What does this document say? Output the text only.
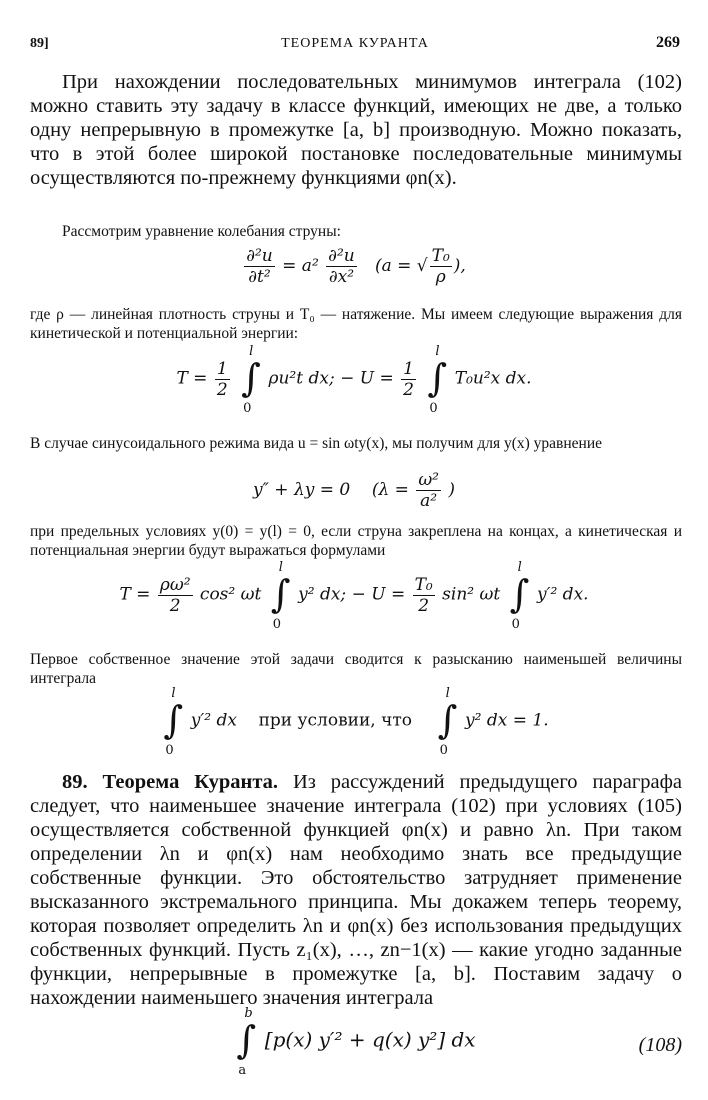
89]	ТЕОРЕМА КУРАНТА	269
При нахождении последовательных минимумов интеграла (102) можно ставить эту задачу в классе функций, имеющих не две, а только одну непрерывную в промежутке [a, b] производную. Можно показать, что в этой более широкой постановке последовательные минимумы осуществляются по-прежнему функциями φn(x).
Рассмотрим уравнение колебания струны:
$\frac{\text{∂²u}}{\text{∂t²}} = a^2 \frac{\text{∂²u}}{\text{∂x²}} (a$ = √ $\frac{\text{T₀}}{\rho}$ ),
где ρ — линейная плотность струны и T₀ — натяжение. Мы имеем следующие выражения для кинетической и потенциальной энергии:
$T = \frac{1}{2}$

l
∫
0
ρu²t dx; − $U = \frac{1}{2}$

l
∫
0
T₀u²x dx.
В случае синусоидального режима вида u = sin ωty(x), мы получим для y(x) уравнение
y″ + λy = 0 ($\lambda = \frac{\text{ω²}}{\text{a²}}$ )
при предельных условиях y(0) = y(l) = 0, если струна закреплена на концах, а кинетическая и потенциальная энергии будут выражаться формулами
$T = \frac{\text{ρω²}}{2} \cos^2$ ωt
l
∫
0
y² dx; − $U = \frac{\text{T₀}}{2} \sin^2$ ωt
l
∫
0
y′² dx.
Первое собственное значение этой задачи сводится к разысканию наименьшей величины интеграла
l
∫
0
y′² dx при условии, что
l
∫
0
y² dx = 1.
89. Теорема Куранта. Из рассуждений предыдущего параграфа следует, что наименьшее значение интеграла (102) при условиях (105) осуществляется собственной функцией φn(x) и равно λn. При таком определении λn и φn(x) нам необходимо знать все предыдущие собственные функции. Это обстоятельство затрудняет применение высказанного экстремального принципа. Мы докажем теперь теорему, которая позволяет определить λn и φn(x) без использования предыдущих собственных функций. Пусть z₁(x), …, zn−1(x) — какие угодно заданные функции, непрерывные в промежутке [a, b]. Поставим задачу о нахождении наименьшего значения интеграла
b
∫
a
[p(x) y′² + q(x) y²] dx	(108)
